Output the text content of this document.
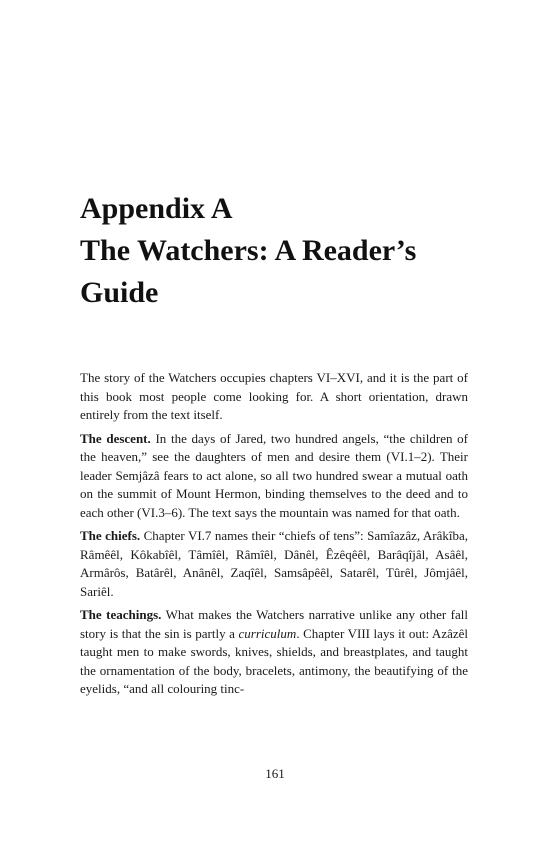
Appendix A
The Watchers: A Reader’s
Guide

The story of the Watchers occupies chapters VI–XVI, and it is the part of this book most people come looking for. A short orientation, drawn entirely from the text itself.

The descent. In the days of Jared, two hundred angels, “the children of the heaven,” see the daughters of men and desire them (VI.1–2). Their leader Semjâzâ fears to act alone, so all two hundred swear a mutual oath on the summit of Mount Hermon, binding themselves to the deed and to each other (VI.3–6). The text says the mountain was named for that oath.

The chiefs. Chapter VI.7 names their “chiefs of tens”: Samîazâz, Arâkîba, Râmêêl, Kôkabîêl, Tâmîêl, Râmîêl, Dânêl, Êzêqêêl, Barâqîjâl, Asâêl, Armârôs, Batârêl, Anânêl, Zaqîêl, Samsâpêêl, Satarêl, Tûrêl, Jômjâêl, Sariêl.

The teachings. What makes the Watchers narrative unlike any other fall story is that the sin is partly a curriculum. Chapter VIII lays it out: Azâzêl taught men to make swords, knives, shields, and breastplates, and taught the ornamentation of the body, bracelets, antimony, the beautifying of the eyelids, “and all colouring tinc-

161
